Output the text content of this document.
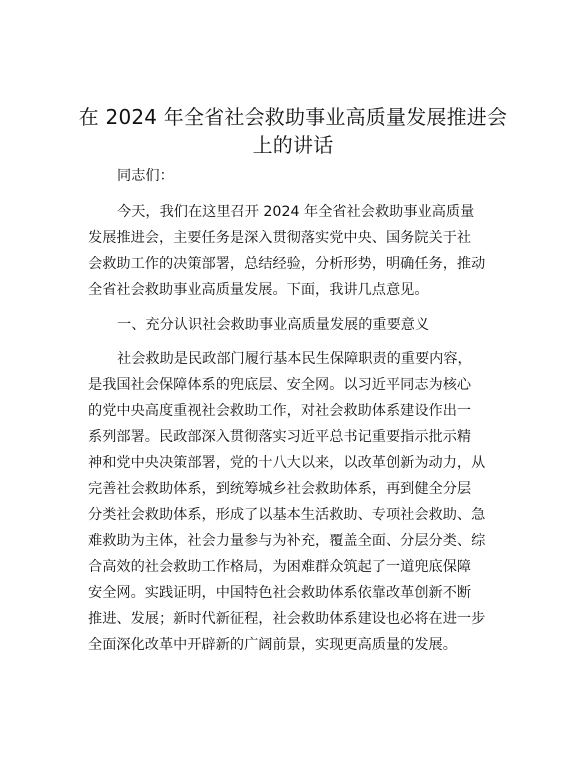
在 2024 年全省社会救助事业高质量发展推进会
上的讲话
同志们：
今天，我们在这里召开 2024 年全省社会救助事业高质量
发展推进会，主要任务是深入贯彻落实党中央、国务院关于社
会救助工作的决策部署，总结经验，分析形势，明确任务，推动
全省社会救助事业高质量发展。下面，我讲几点意见。
一、充分认识社会救助事业高质量发展的重要意义
社会救助是民政部门履行基本民生保障职责的重要内容，
是我国社会保障体系的兜底层、安全网。以习近平同志为核心
的党中央高度重视社会救助工作，对社会救助体系建设作出一
系列部署。民政部深入贯彻落实习近平总书记重要指示批示精
神和党中央决策部署，党的十八大以来，以改革创新为动力，从
完善社会救助体系，到统筹城乡社会救助体系，再到健全分层
分类社会救助体系，形成了以基本生活救助、专项社会救助、急
难救助为主体，社会力量参与为补充，覆盖全面、分层分类、综
合高效的社会救助工作格局，为困难群众筑起了一道兜底保障
安全网。实践证明，中国特色社会救助体系依靠改革创新不断
推进、发展；新时代新征程，社会救助体系建设也必将在进一步
全面深化改革中开辟新的广阔前景，实现更高质量的发展。
